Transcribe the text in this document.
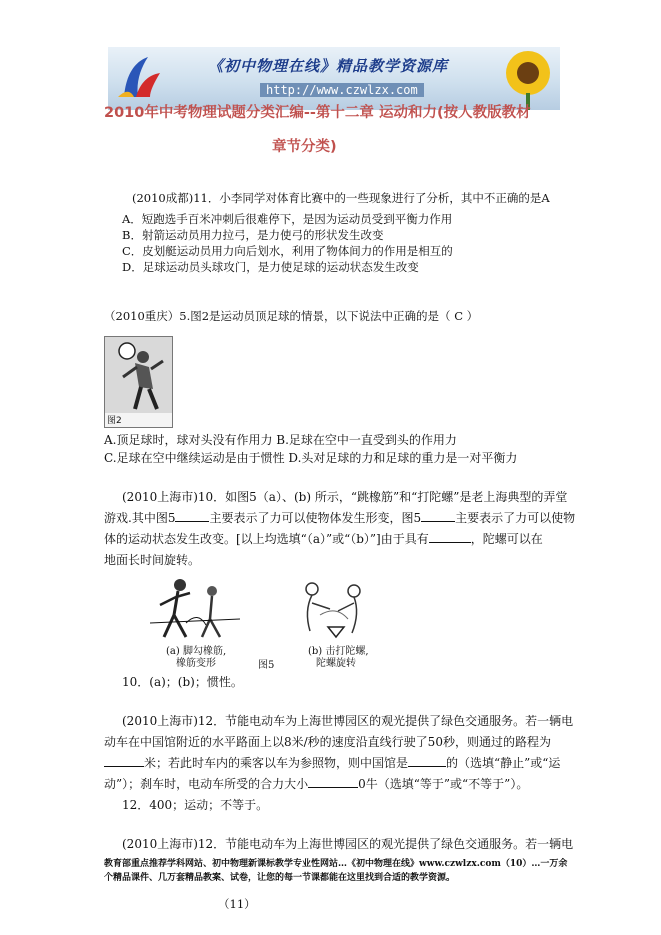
《初中物理在线》精品教学资源库
http://www.czwlzx.com
2010年中考物理试题分类汇编--第十二章 运动和力(按人教版教材
章节分类)
(2010成都)11．小李同学对体育比赛中的一些现象进行了分析，其中不正确的是A
A．短跑选手百米冲刺后很难停下，是因为运动员受到平衡力作用
B．射箭运动员用力拉弓，是力使弓的形状发生改变
C．皮划艇运动员用力向后划水，利用了物体间力的作用是相互的
D．足球运动员头球攻门，是力使足球的运动状态发生改变
（2010重庆）5.图2是运动员顶足球的情景，以下说法中正确的是（ C ）
图2
A.顶足球时，球对头没有作用力 B.足球在空中一直受到头的作用力
C.足球在空中继续运动是由于惯性 D.头对足球的力和足球的重力是一对平衡力
(2010上海市)10．如图5（a）、(b) 所示，“跳橡筋”和“打陀螺”是老上海典型的弄堂
游戏.其中图5	主要表示了力可以使物体发生形变，图5	主要表示了力可以使物
体的运动状态发生改变。[以上均选填“（a）”或“（b）”]由于具有	，陀螺可以在
地面长时间旋转。
(a) 脚勾橡筋,
橡筋变形	图5
(b) 击打陀螺,
陀螺旋转
10．(a)；(b)；惯性。
(2010上海市)12．节能电动车为上海世博园区的观光提供了绿色交通服务。若一辆电
动车在中国馆附近的水平路面上以8米/秒的速度沿直线行驶了50秒，则通过的路程为
米；若此时车内的乘客以车为参照物，则中国馆是	的（选填“静止”或“运
动”）；刹车时，电动车所受的合力大小	0牛（选填“等于”或“不等于”）。
12．400；运动；不等于。
(2010上海市)12．节能电动车为上海世博园区的观光提供了绿色交通服务。若一辆电
教育部重点推荐学科网站、初中物理新课标教学专业性网站…《初中物理在线》www.czwlzx.com（10）…一万余
个精品课件、几万套精品教案、试卷，让您的每一节课都能在这里找到合适的教学资源。
（11）
